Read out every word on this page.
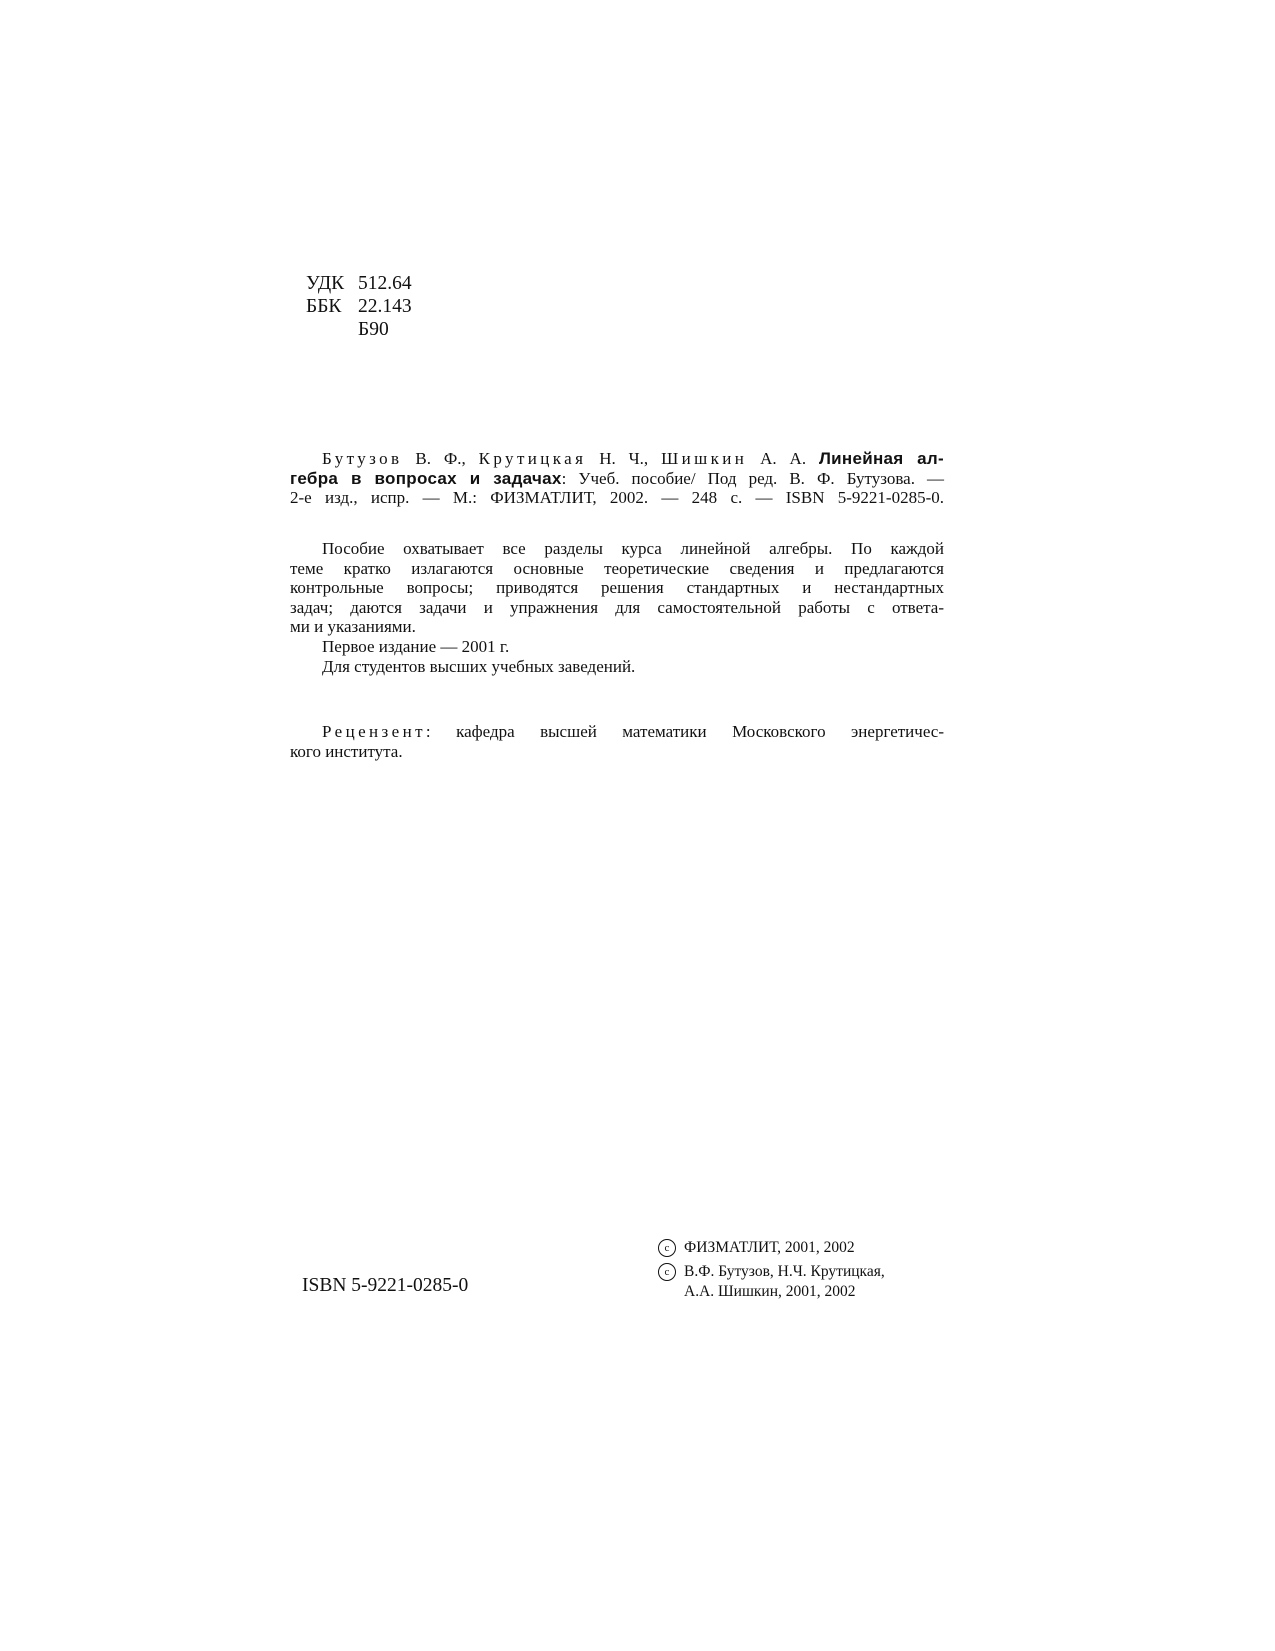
УДК 512.64
ББК 22.143
Б90
Бутузов В. Ф., Крутицкая Н. Ч., Шишкин А. А. Линейная ал-
гебра в вопросах и задачах: Учеб. пособие/ Под ред. В. Ф. Бутузова. —
2-е изд., испр. — М.: ФИЗМАТЛИТ, 2002. — 248 с. — ISBN 5-9221-0285-0.
Пособие охватывает все разделы курса линейной алгебры. По каждой
теме кратко излагаются основные теоретические сведения и предлагаются
контрольные вопросы; приводятся решения стандартных и нестандартных
задач; даются задачи и упражнения для самостоятельной работы с ответа-
ми и указаниями.
Первое издание — 2001 г.
Для студентов высших учебных заведений.
Рецензент: кафедра высшей математики Московского энергетичес-
кого института.
ISBN 5-9221-0285-0
c ФИЗМАТЛИТ, 2001, 2002
c В.Ф. Бутузов, Н.Ч. Крутицкая,
А.А. Шишкин, 2001, 2002
